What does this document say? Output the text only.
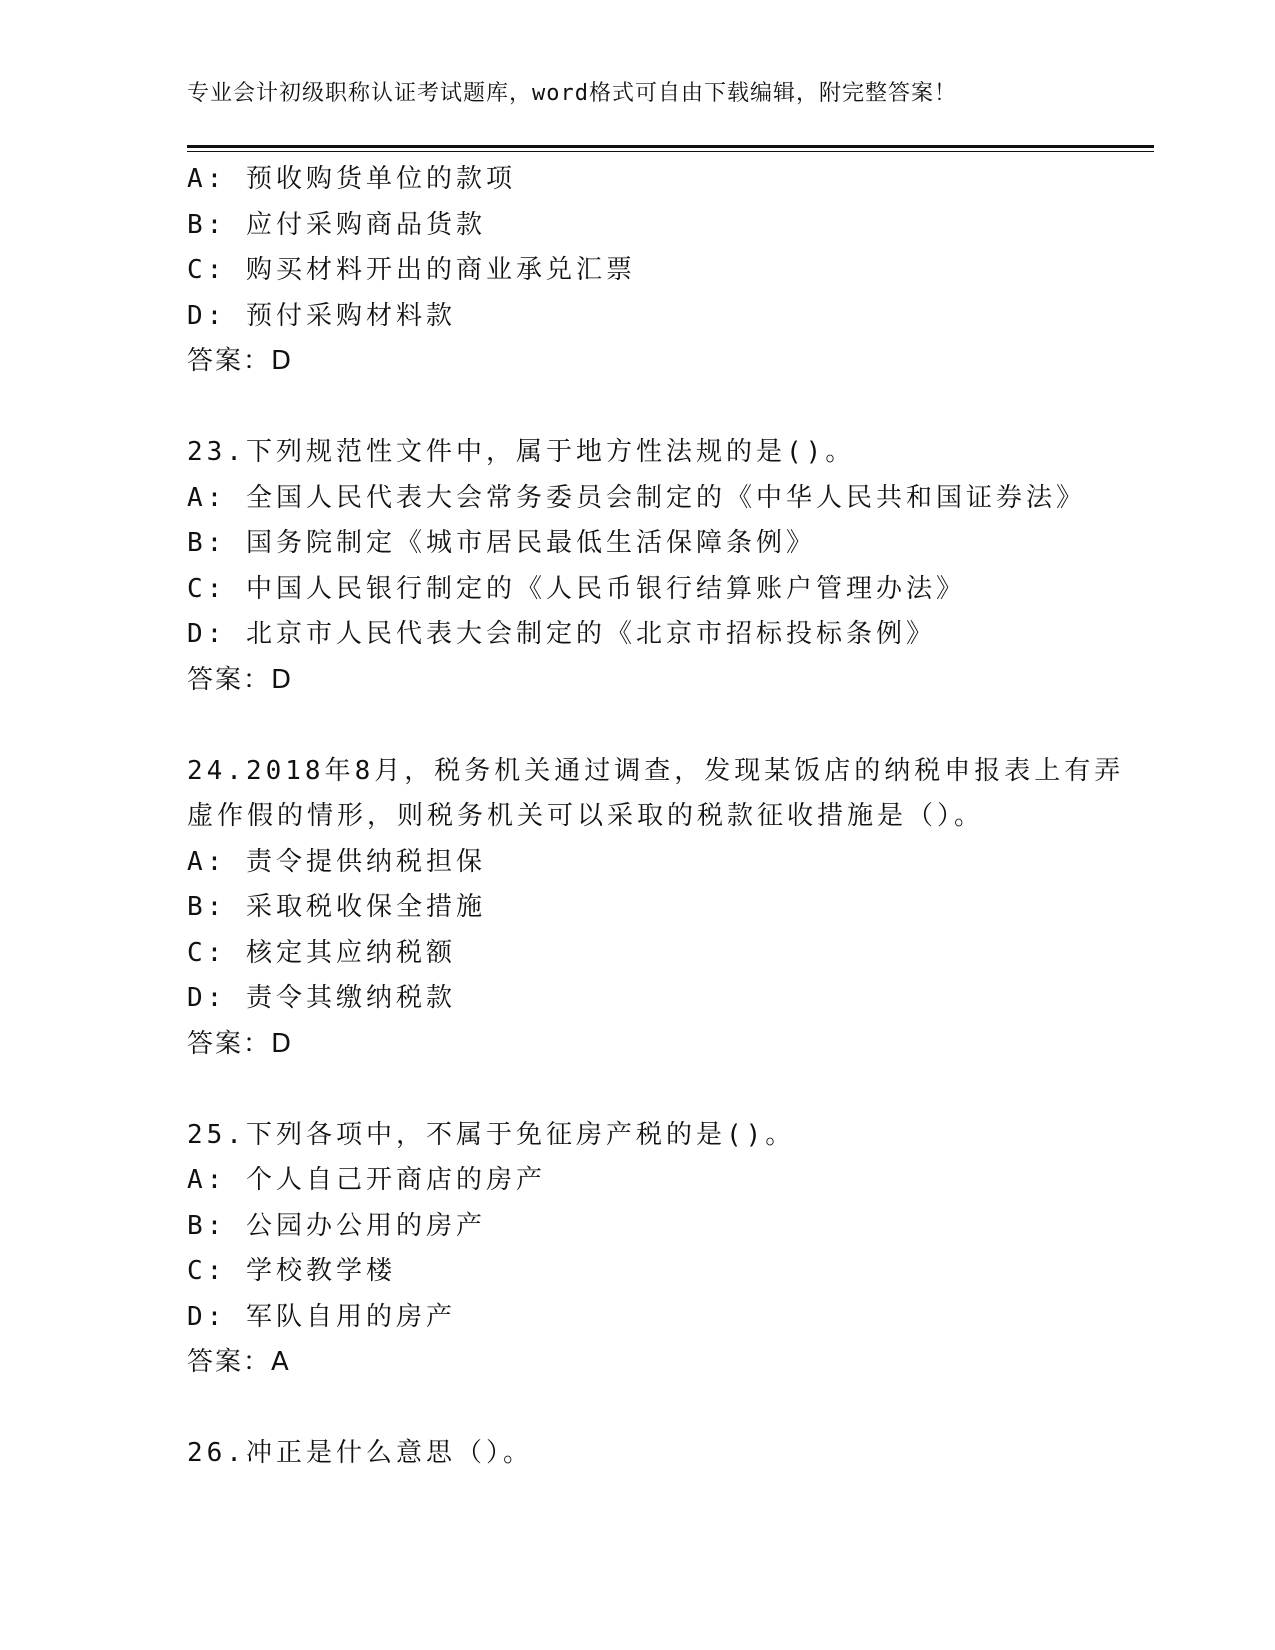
专业会计初级职称认证考试题库，word格式可自由下载编辑，附完整答案！
A: 预收购货单位的款项
B: 应付采购商品货款
C: 购买材料开出的商业承兑汇票
D: 预付采购材料款
答案：D
23.下列规范性文件中，属于地方性法规的是()。
A: 全国人民代表大会常务委员会制定的《中华人民共和国证券法》
B: 国务院制定《城市居民最低生活保障条例》
C: 中国人民银行制定的《人民币银行结算账户管理办法》
D: 北京市人民代表大会制定的《北京市招标投标条例》
答案：D
24.2018年8月，税务机关通过调查，发现某饭店的纳税申报表上有弄
虚作假的情形，则税务机关可以采取的税款征收措施是（）。
A: 责令提供纳税担保
B: 采取税收保全措施
C: 核定其应纳税额
D: 责令其缴纳税款
答案：D
25.下列各项中，不属于免征房产税的是()。
A: 个人自己开商店的房产
B: 公园办公用的房产
C: 学校教学楼
D: 军队自用的房产
答案：A
26.冲正是什么意思（）。
